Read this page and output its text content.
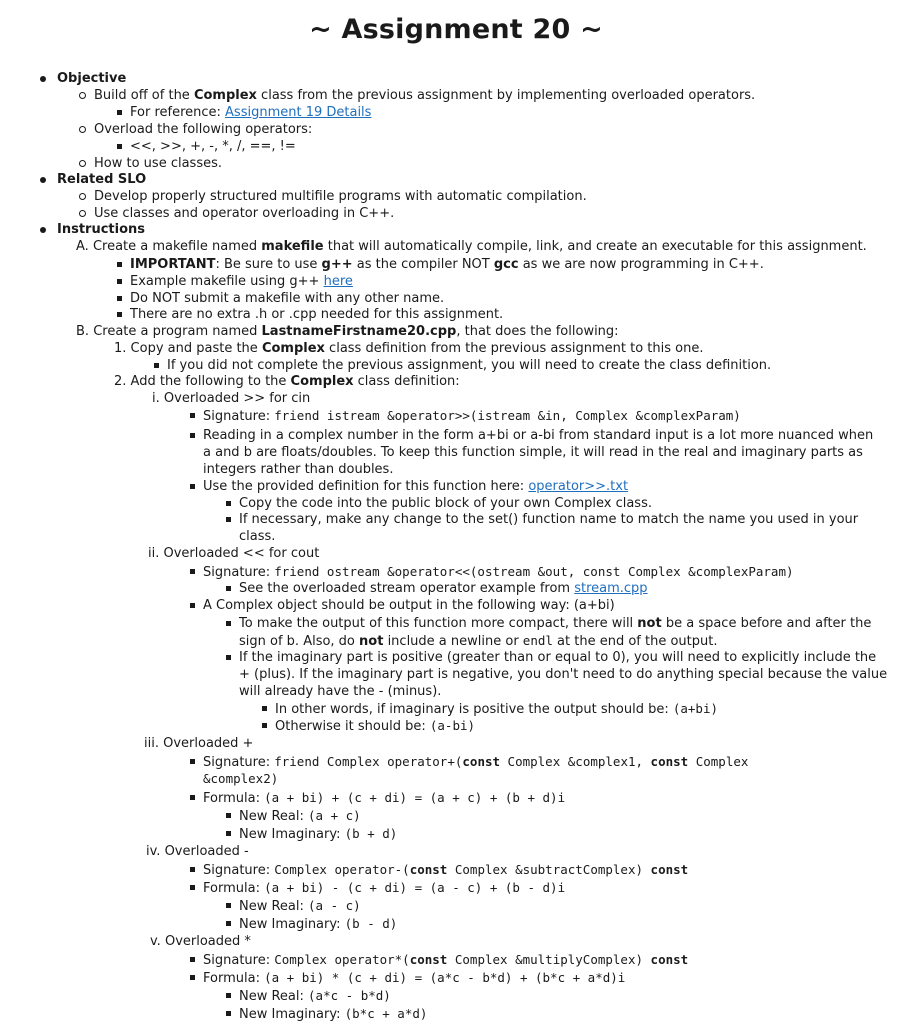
~ Assignment 20 ~
Objective
Build off of the Complex class from the previous assignment by implementing overloaded operators.
For reference: Assignment 19 Details
Overload the following operators:
<<, >>, +, -, *, /, ==, !=
How to use classes.
Related SLO
Develop properly structured multifile programs with automatic compilation.
Use classes and operator overloading in C++.
Instructions
A. Create a makefile named makefile that will automatically compile, link, and create an executable for this assignment.
IMPORTANT: Be sure to use g++ as the compiler NOT gcc as we are now programming in C++.
Example makefile using g++ here
Do NOT submit a makefile with any other name.
There are no extra .h or .cpp needed for this assignment.
B. Create a program named LastnameFirstname20.cpp, that does the following:
1. Copy and paste the Complex class definition from the previous assignment to this one.
If you did not complete the previous assignment, you will need to create the class definition.
2. Add the following to the Complex class definition:
i. Overloaded >> for cin
Signature: friend istream &operator>>(istream &in, Complex &complexParam)
Reading in a complex number in the form a+bi or a-bi from standard input is a lot more nuanced when
a and b are floats/doubles. To keep this function simple, it will read in the real and imaginary parts as
integers rather than doubles.
Use the provided definition for this function here: operator>>.txt
Copy the code into the public block of your own Complex class.
If necessary, make any change to the set() function name to match the name you used in your
class.
ii. Overloaded << for cout
Signature: friend ostream &operator<<(ostream &out, const Complex &complexParam)
See the overloaded stream operator example from stream.cpp
A Complex object should be output in the following way: (a+bi)
To make the output of this function more compact, there will not be a space before and after the
sign of b. Also, do not include a newline or endl at the end of the output.
If the imaginary part is positive (greater than or equal to 0), you will need to explicitly include the
+ (plus). If the imaginary part is negative, you don't need to do anything special because the value
will already have the - (minus).
In other words, if imaginary is positive the output should be: (a+bi)
Otherwise it should be: (a-bi)
iii. Overloaded +
Signature: friend Complex operator+(const Complex &complex1, const Complex
&complex2)
Formula: (a + bi) + (c + di) = (a + c) + (b + d)i
New Real: (a + c)
New Imaginary: (b + d)
iv. Overloaded -
Signature: Complex operator-(const Complex &subtractComplex) const
Formula: (a + bi) - (c + di) = (a - c) + (b - d)i
New Real: (a - c)
New Imaginary: (b - d)
v. Overloaded *
Signature: Complex operator*(const Complex &multiplyComplex) const
Formula: (a + bi) * (c + di) = (a*c - b*d) + (b*c + a*d)i
New Real: (a*c - b*d)
New Imaginary: (b*c + a*d)
